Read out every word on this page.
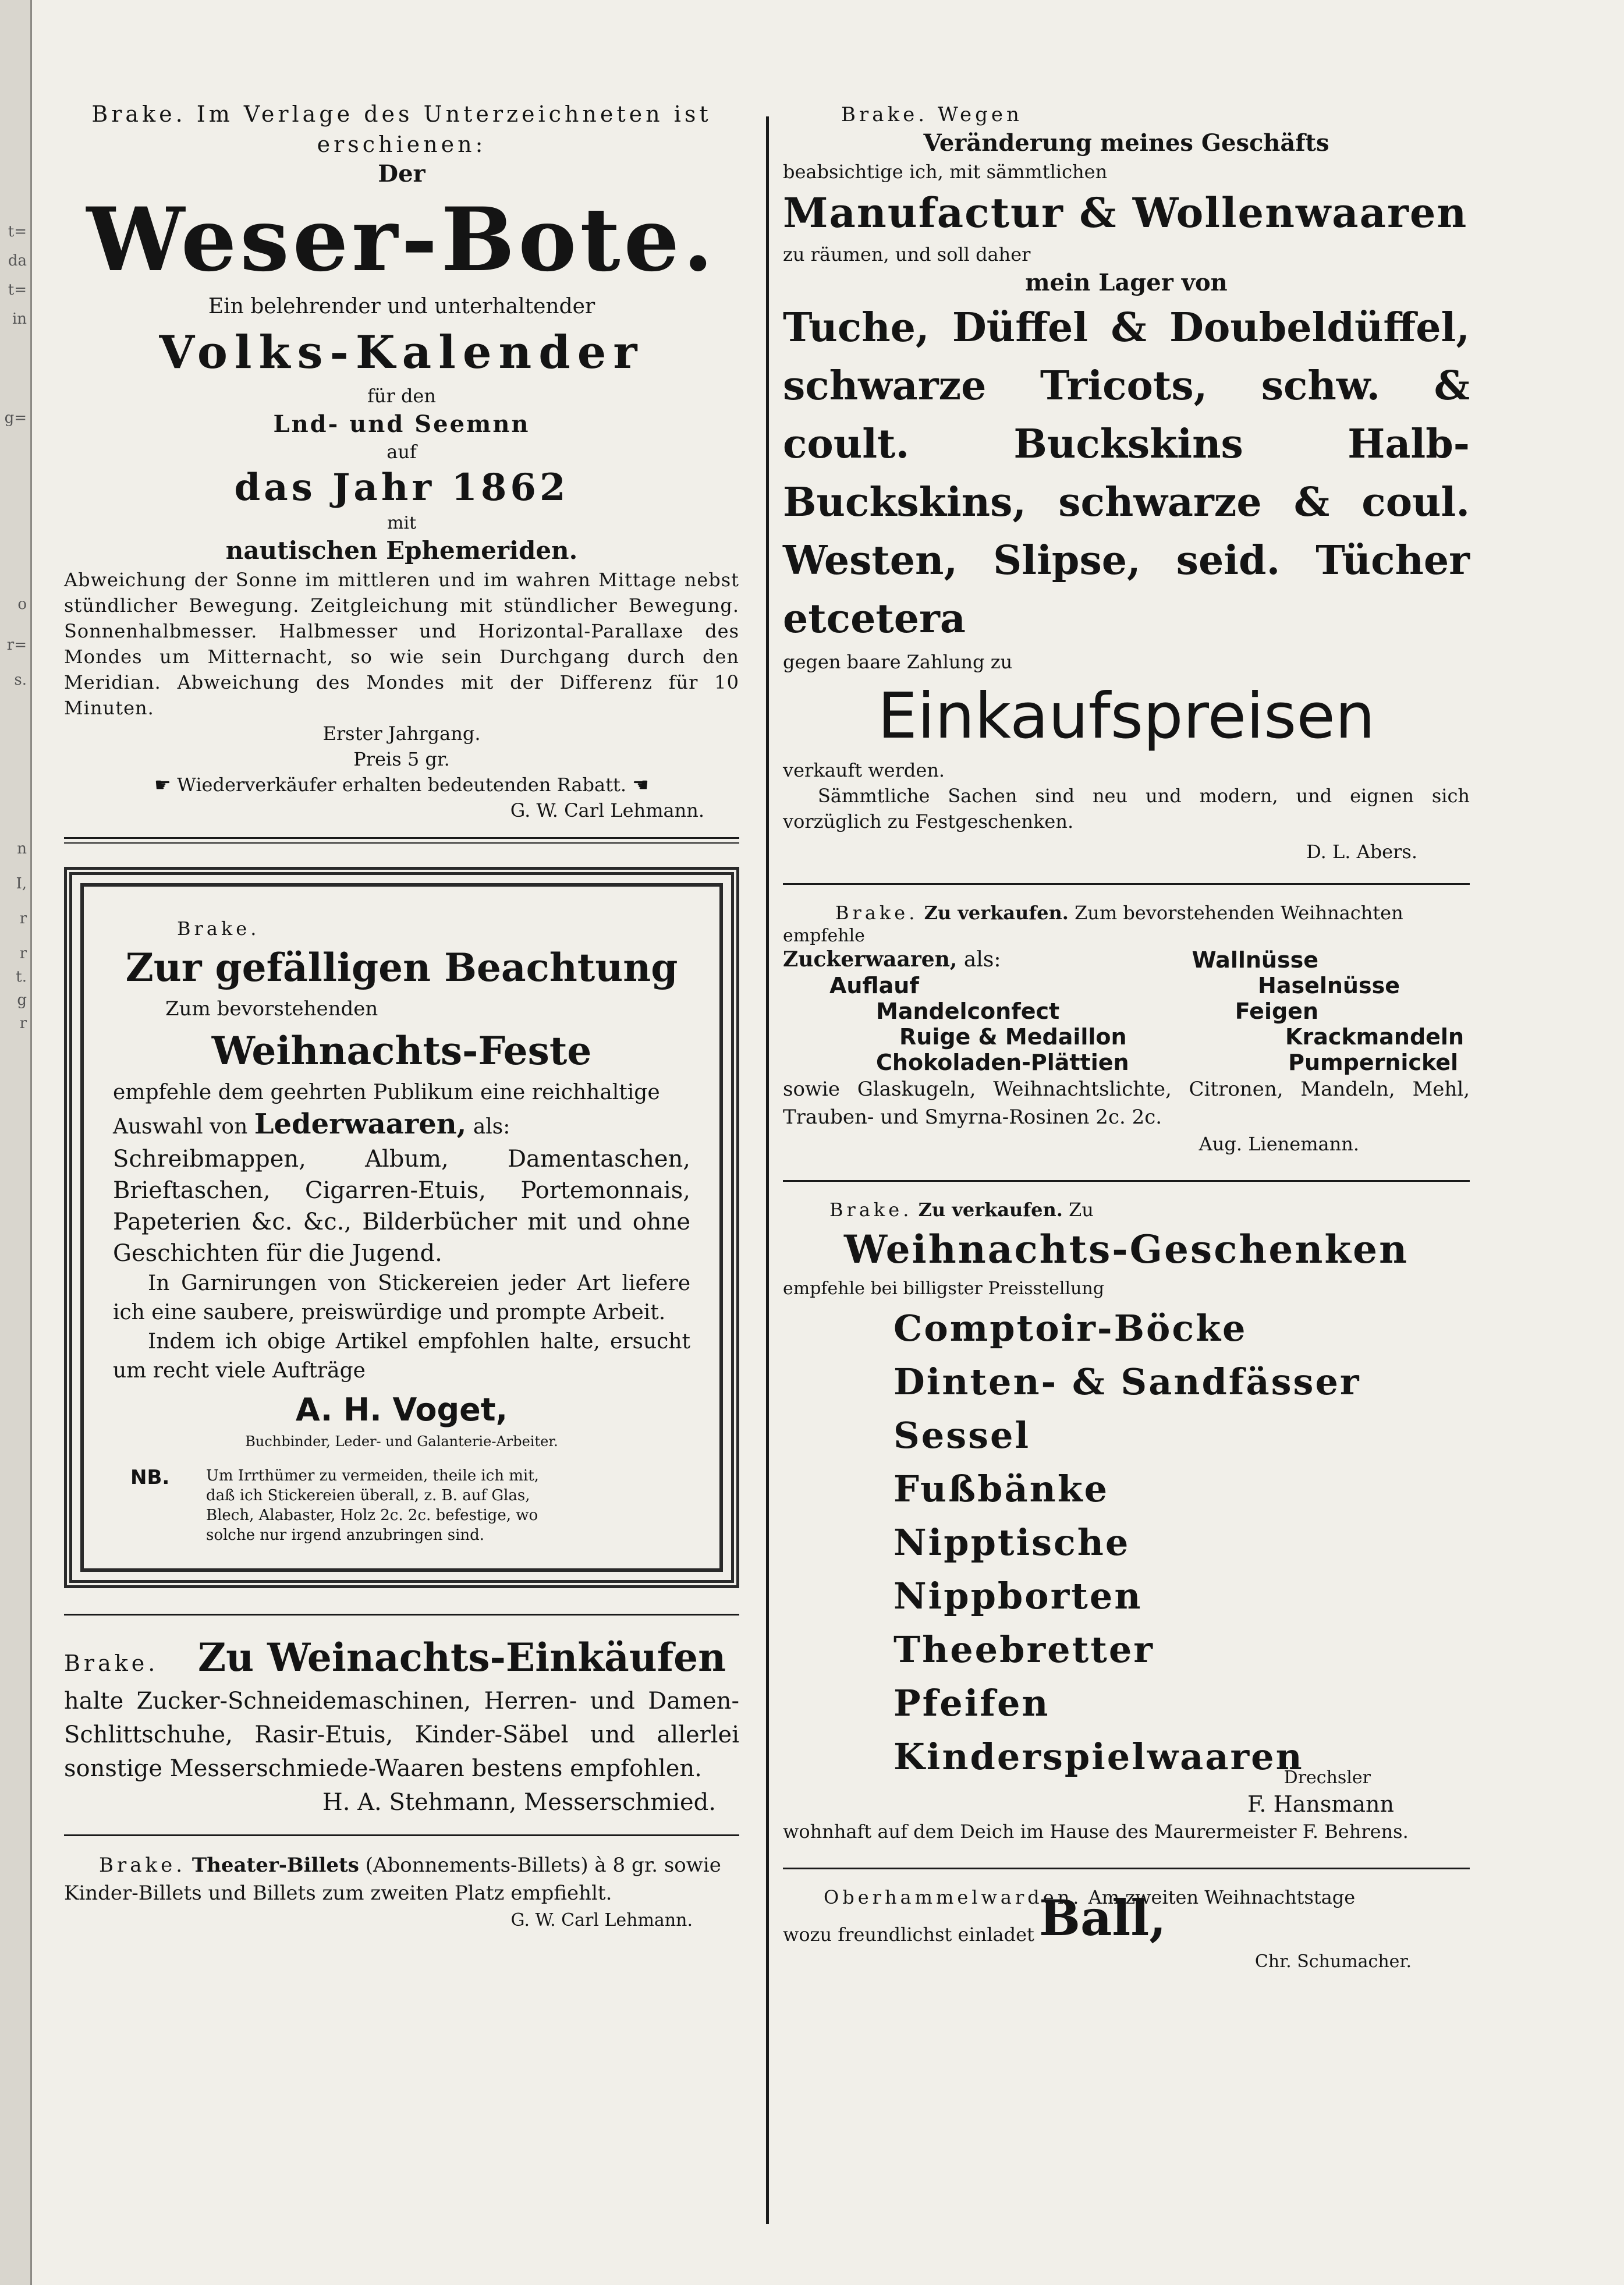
t=
da
t=
in
g=
o
r=
s.
n
I,
r
r
t.
g
r
Brake. Im Verlage des Unterzeichneten ist erschienen:
Der
Weser-Bote.
Ein belehrender und unterhaltender
Volks-Kalender
für den
Lnd- und Seemnn
auf
das Jahr 1862
mit
nautischen Ephemeriden.
Abweichung der Sonne im mittleren und im wahren Mittage nebst stündlicher Bewegung. Zeitgleichung mit stündlicher Bewegung. Sonnenhalbmesser. Halbmesser und Horizontal-Parallaxe des Mondes um Mitternacht, so wie sein Durchgang durch den Meridian. Abweichung des Mondes mit der Differenz für 10 Minuten.
Erster Jahrgang.
Preis 5 gr.
☛ Wiederverkäufer erhalten bedeutenden Rabatt. ☚
G. W. Carl Lehmann.
Brake.
Zur gefälligen Beachtung
Zum bevorstehenden
Weihnachts-Feste
empfehle dem geehrten Publikum eine reichhaltige
Auswahl von Lederwaaren, als:
Schreibmappen, Album, Damentaschen, Brieftaschen, Cigarren-Etuis, Portemonnais, Papeterien &c. &c., Bilderbücher mit und ohne Geschichten für die Jugend.
In Garnirungen von Stickereien jeder Art liefere ich eine saubere, preiswürdige und prompte Arbeit.
Indem ich obige Artikel empfohlen halte, ersucht um recht viele Aufträge
A. H. Voget,
Buchbinder, Leder- und Galanterie-Arbeiter.
NB.	Um Irrthümer zu vermeiden, theile ich mit, daß ich Stickereien überall, z. B. auf Glas, Blech, Alabaster, Holz 2c. 2c. befestige, wo solche nur irgend anzubringen sind.
Brake.	Zu Weinachts-Einkäufen
halte Zucker-Schneidemaschinen, Herren- und Damen-Schlittschuhe, Rasir-Etuis, Kinder-Säbel und allerlei sonstige Messerschmiede-Waaren bestens empfohlen.
H. A. Stehmann, Messerschmied.
Brake. Theater-Billets (Abonnements-Billets) à 8 gr. sowie Kinder-Billets und Billets zum zweiten Platz empfiehlt.
G. W. Carl Lehmann.
Brake. Wegen
Veränderung meines Geschäfts
beabsichtige ich, mit sämmtlichen
Manufactur & Wollenwaaren
zu räumen, und soll daher
mein Lager von
Tuche, Düffel & Doubeldüffel, schwarze Tricots, schw. & coult. Buckskins Halb-Buckskins, schwarze & coul. Westen, Slipse, seid. Tücher etcetera
gegen baare Zahlung zu
Einkaufspreisen
verkauft werden.
Sämmtliche Sachen sind neu und modern, und eignen sich vorzüglich zu Festgeschenken.
D. L. Abers.
Brake. Zu verkaufen. Zum bevorstehenden Weihnachten
empfehle
Zuckerwaaren, als:	Wallnüsse
Auflauf	Haselnüsse
Mandelconfect	Feigen
Ruige & Medaillon	Krackmandeln
Chokoladen-Plättien	Pumpernickel
sowie Glaskugeln, Weihnachtslichte, Citronen, Mandeln, Mehl, Trauben- und Smyrna-Rosinen 2c. 2c.
Aug. Lienemann.
Brake. Zu verkaufen. Zu
Weihnachts-Geschenken
empfehle bei billigster Preisstellung
Comptoir-Böcke
Dinten- & Sandfässer
Sessel
Fußbänke
Nipptische
Nippborten
Theebretter
Pfeifen
Kinderspielwaaren
Drechsler
F. Hansmann
wohnhaft auf dem Deich im Hause des Maurermeister F. Behrens.
Oberhammelwarden. Am zweiten Weihnachtstage
wozu freundlichst einladet Ball,
Chr. Schumacher.
